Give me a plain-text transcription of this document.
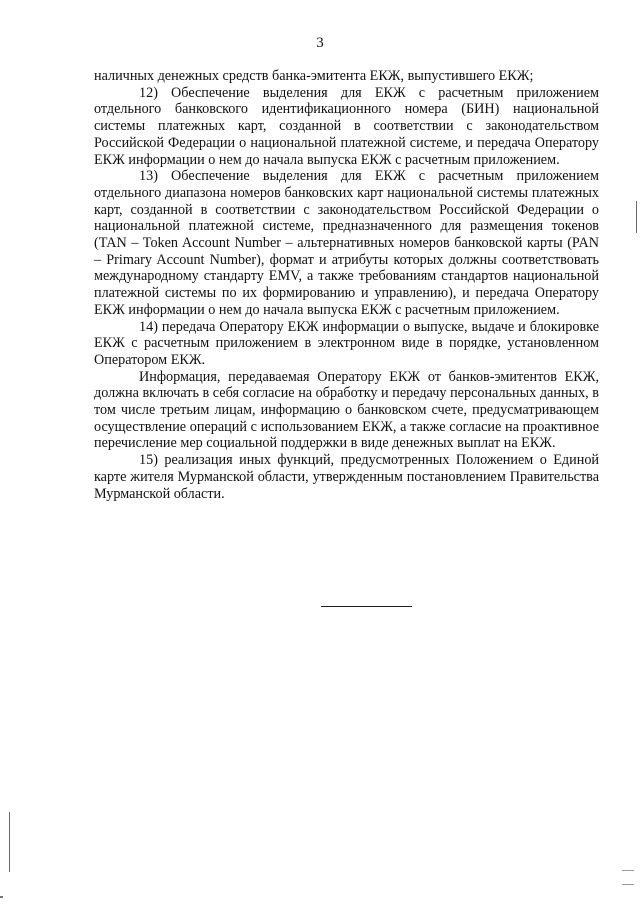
3

наличных денежных средств банка-эмитента ЕКЖ, выпустившего ЕКЖ;

12) Обеспечение выделения для ЕКЖ с расчетным приложением отдельного банковского идентификационного номера (БИН) национальной системы платежных карт, созданной в соответствии с законодательством Российской Федерации о национальной платежной системе, и передача Оператору ЕКЖ информации о нем до начала выпуска ЕКЖ с расчетным приложением.

13) Обеспечение выделения для ЕКЖ с расчетным приложением отдельного диапазона номеров банковских карт национальной системы платежных карт, созданной в соответствии с законодательством Российской Федерации о национальной платежной системе, предназначенного для размещения токенов (TAN – Token Account Number – альтернативных номеров банковской карты (PAN – Primary Account Number), формат и атрибуты которых должны соответствовать международному стандарту EMV, а также требованиям стандартов национальной платежной системы по их формированию и управлению), и передача Оператору ЕКЖ информации о нем до начала выпуска ЕКЖ с расчетным приложением.

14) передача Оператору ЕКЖ информации о выпуске, выдаче и блокировке ЕКЖ с расчетным приложением в электронном виде в порядке, установленном Оператором ЕКЖ.

Информация, передаваемая Оператору ЕКЖ от банков-эмитентов ЕКЖ, должна включать в себя согласие на обработку и передачу персональных данных, в том числе третьим лицам, информацию о банковском счете, предусматривающем осуществление операций с использованием ЕКЖ, а также согласие на проактивное перечисление мер социальной поддержки в виде денежных выплат на ЕКЖ.

15) реализация иных функций, предусмотренных Положением о Единой карте жителя Мурманской области, утвержденным постановлением Правительства Мурманской области.
